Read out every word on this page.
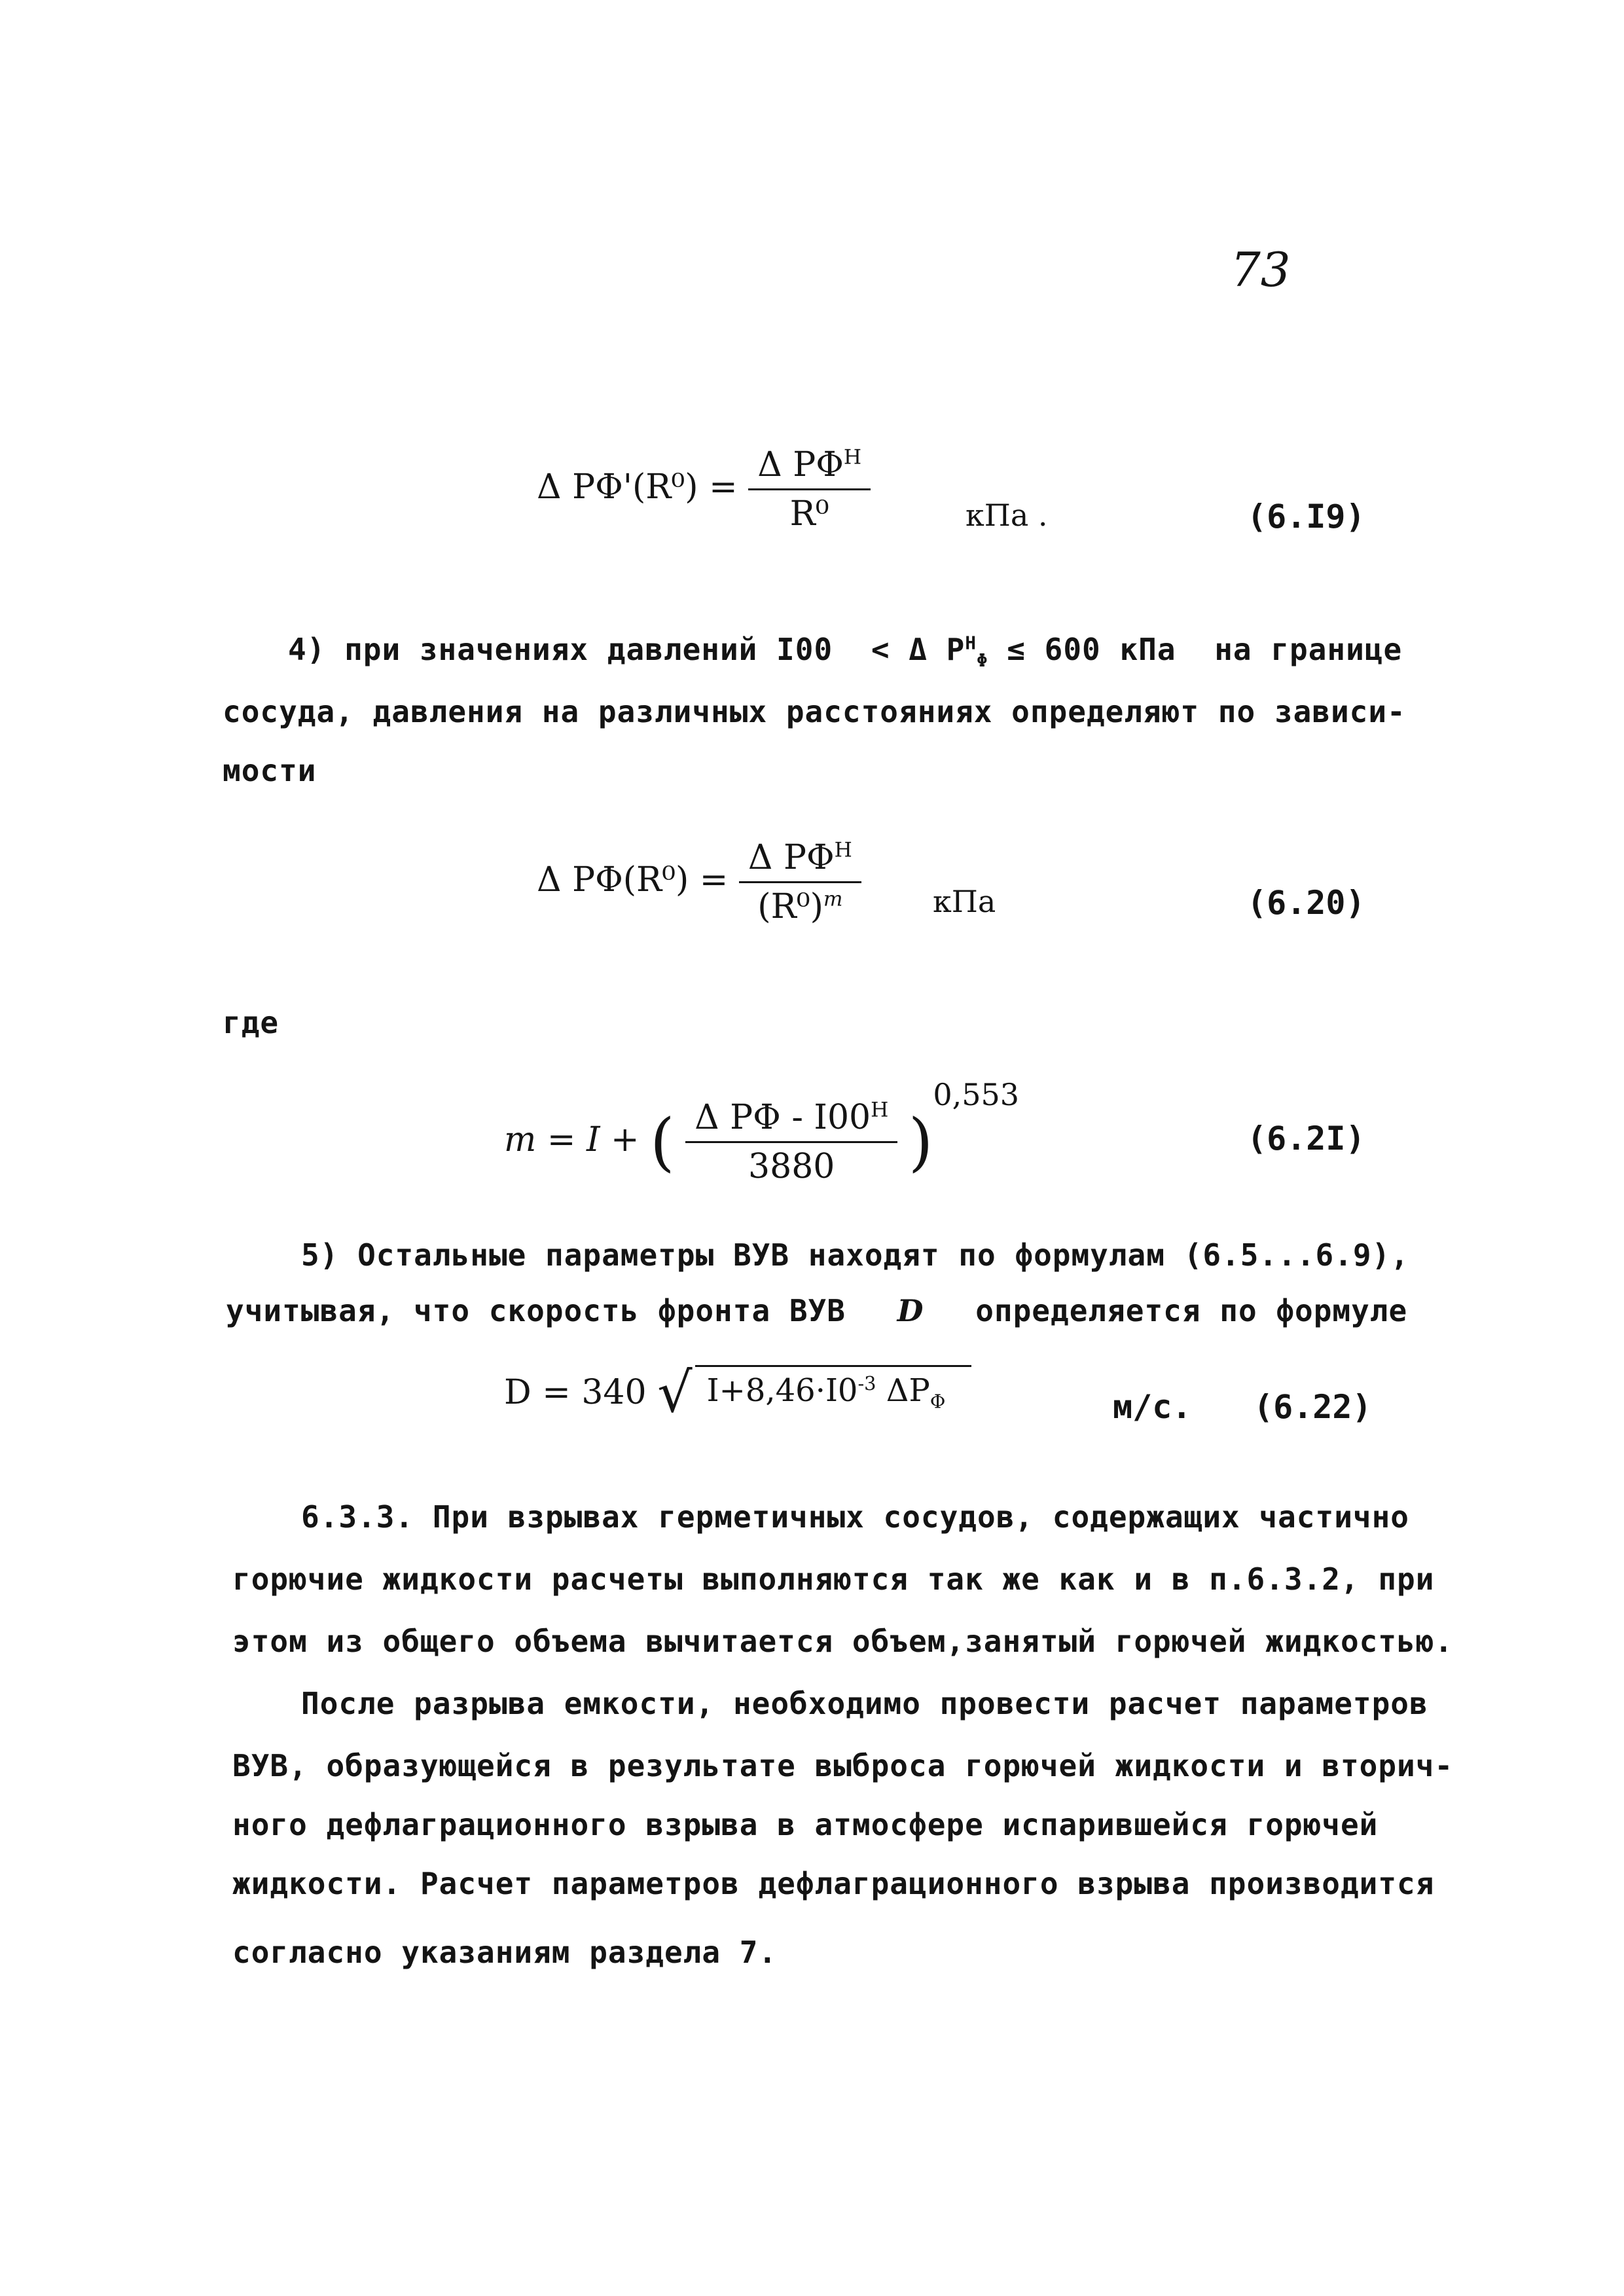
73
Δ $P\Phi'(R^0) = \frac{\Delta P\Phi^H}{\text{R⁰}}$	кПа .	(6.I9)
4) при значениях давлений I00 < Δ $P^H_\Phi \le 600$ кПа на границе
сосуда, давления на различных расстояниях определяют по завиcи-
мости
Δ $P\Phi(R^0) = \frac{\Delta P\Phi^H}{(R^0)^m}$ кПа	(6.20)
где
m = I + ( $\frac{\Delta P\Phi - I00^H}{3880} )^{0,553}$
(6.2I)
5) Остальные параметры ВУВ находят по формулам (6.5...6.9),
учитывая, что скорость фронта ВУВ D определяется по формуле
D = 340 √ $I+8,46\cdot I0^{-3}$ $\Delta P_\Phi$	м/с. (6.22)
6.3.3. При взрывах герметичных сосудов, содержащих частично
горючие жидкости расчеты выполняются так же как и в п.6.3.2, при
этом из общего объема вычитается объем,занятый горючей жидкостью.
После разрыва емкости, необходимо провести расчет параметров
ВУВ, образующейся в результате выброса горючей жидкости и вторич-
ного дефлаграционного взрыва в атмосфере испарившейся горючей
жидкости. Расчет параметров дефлаграционного взрыва производится
согласно указаниям раздела 7.
